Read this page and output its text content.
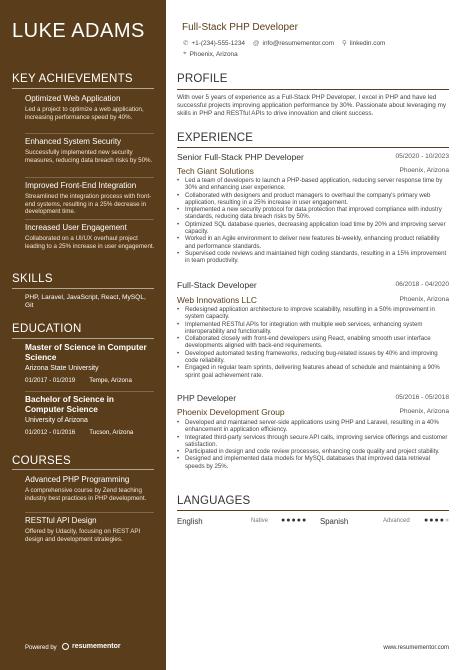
LUKE ADAMS
KEY ACHIEVEMENTS
Optimized Web Application
Led a project to optimize a web application, increasing performance speed by 40%.
Enhanced System Security
Successfully implemented new security measures, reducing data breach risks by 50%.
Improved Front-End Integration
Streamlined the integration process with front-end systems, resulting in a 25% decrease in development time.
Increased User Engagement
Collaborated on a UI/UX overhaul project leading to a 25% increase in user engagement.
SKILLS
PHP, Laravel, JavaScript, React, MySQL, Git
EDUCATION
Master of Science in Computer Science
Arizona State University
01/2017 - 01/2019 Tempe, Arizona
Bachelor of Science in Computer Science
University of Arizona
01/2012 - 01/2016 Tucson, Arizona
COURSES
Advanced PHP Programming
A comprehensive course by Zend teaching industry best practices in PHP development.
RESTful API Design
Offered by Udacity, focusing on REST API design and development strategies.
Powered by resumementor
Full-Stack PHP Developer
✆ +1-(234)-555-1234 @ info@resumementor.com ⚲ linkedin.com
⌖ Phoenix, Arizona
PROFILE
With over 5 years of experience as a Full-Stack PHP Developer, I excel in PHP and have led successful projects improving application performance by 30%. Passionate about leveraging my skills in PHP and RESTful APIs to drive innovation and client success.
EXPERIENCE
Senior Full-Stack PHP Developer	05/2020 - 10/2023
Tech Giant Solutions	Phoenix, Arizona
• Led a team of developers to launch a PHP-based application, reducing server response time by 30% and enhancing user experience.
• Collaborated with designers and product managers to overhaul the company's primary web application, resulting in a 25% increase in user engagement.
• Implemented a new security protocol for data protection that improved compliance with industry standards, reducing data breach risks by 50%.
• Optimized SQL database queries, decreasing application load time by 20% and improving server capacity.
• Worked in an Agile environment to deliver new features bi-weekly, enhancing product reliability and performance standards.
• Supervised code reviews and maintained high coding standards, resulting in a 15% improvement in team productivity.
Full-Stack Developer	06/2018 - 04/2020
Web Innovations LLC	Phoenix, Arizona
• Redesigned application architecture to improve scalability, resulting in a 50% improvement in system capacity.
• Implemented RESTful APIs for integration with multiple web services, enhancing system interoperability and functionality.
• Collaborated closely with front-end developers using React, enabling smooth user interface developments aligned with back-end requirements.
• Developed automated testing frameworks, reducing bug-related issues by 40% and improving code reliability.
• Engaged in regular team sprints, delivering features ahead of schedule and maintaining a 90% sprint goal achievement rate.
PHP Developer	05/2016 - 05/2018
Phoenix Development Group	Phoenix, Arizona
• Developed and maintained server-side applications using PHP and Laravel, resulting in a 40% enhancement in application efficiency.
• Integrated third-party services through secure API calls, improving service offerings and customer satisfaction.
• Participated in design and code review processes, enhancing code quality and project stability.
• Designed and implemented data models for MySQL databases that improved data retrieval speeds by 25%.
LANGUAGES
English	Native ●●●●● Spanish	Advanced ●●●●●
www.resumementor.com
